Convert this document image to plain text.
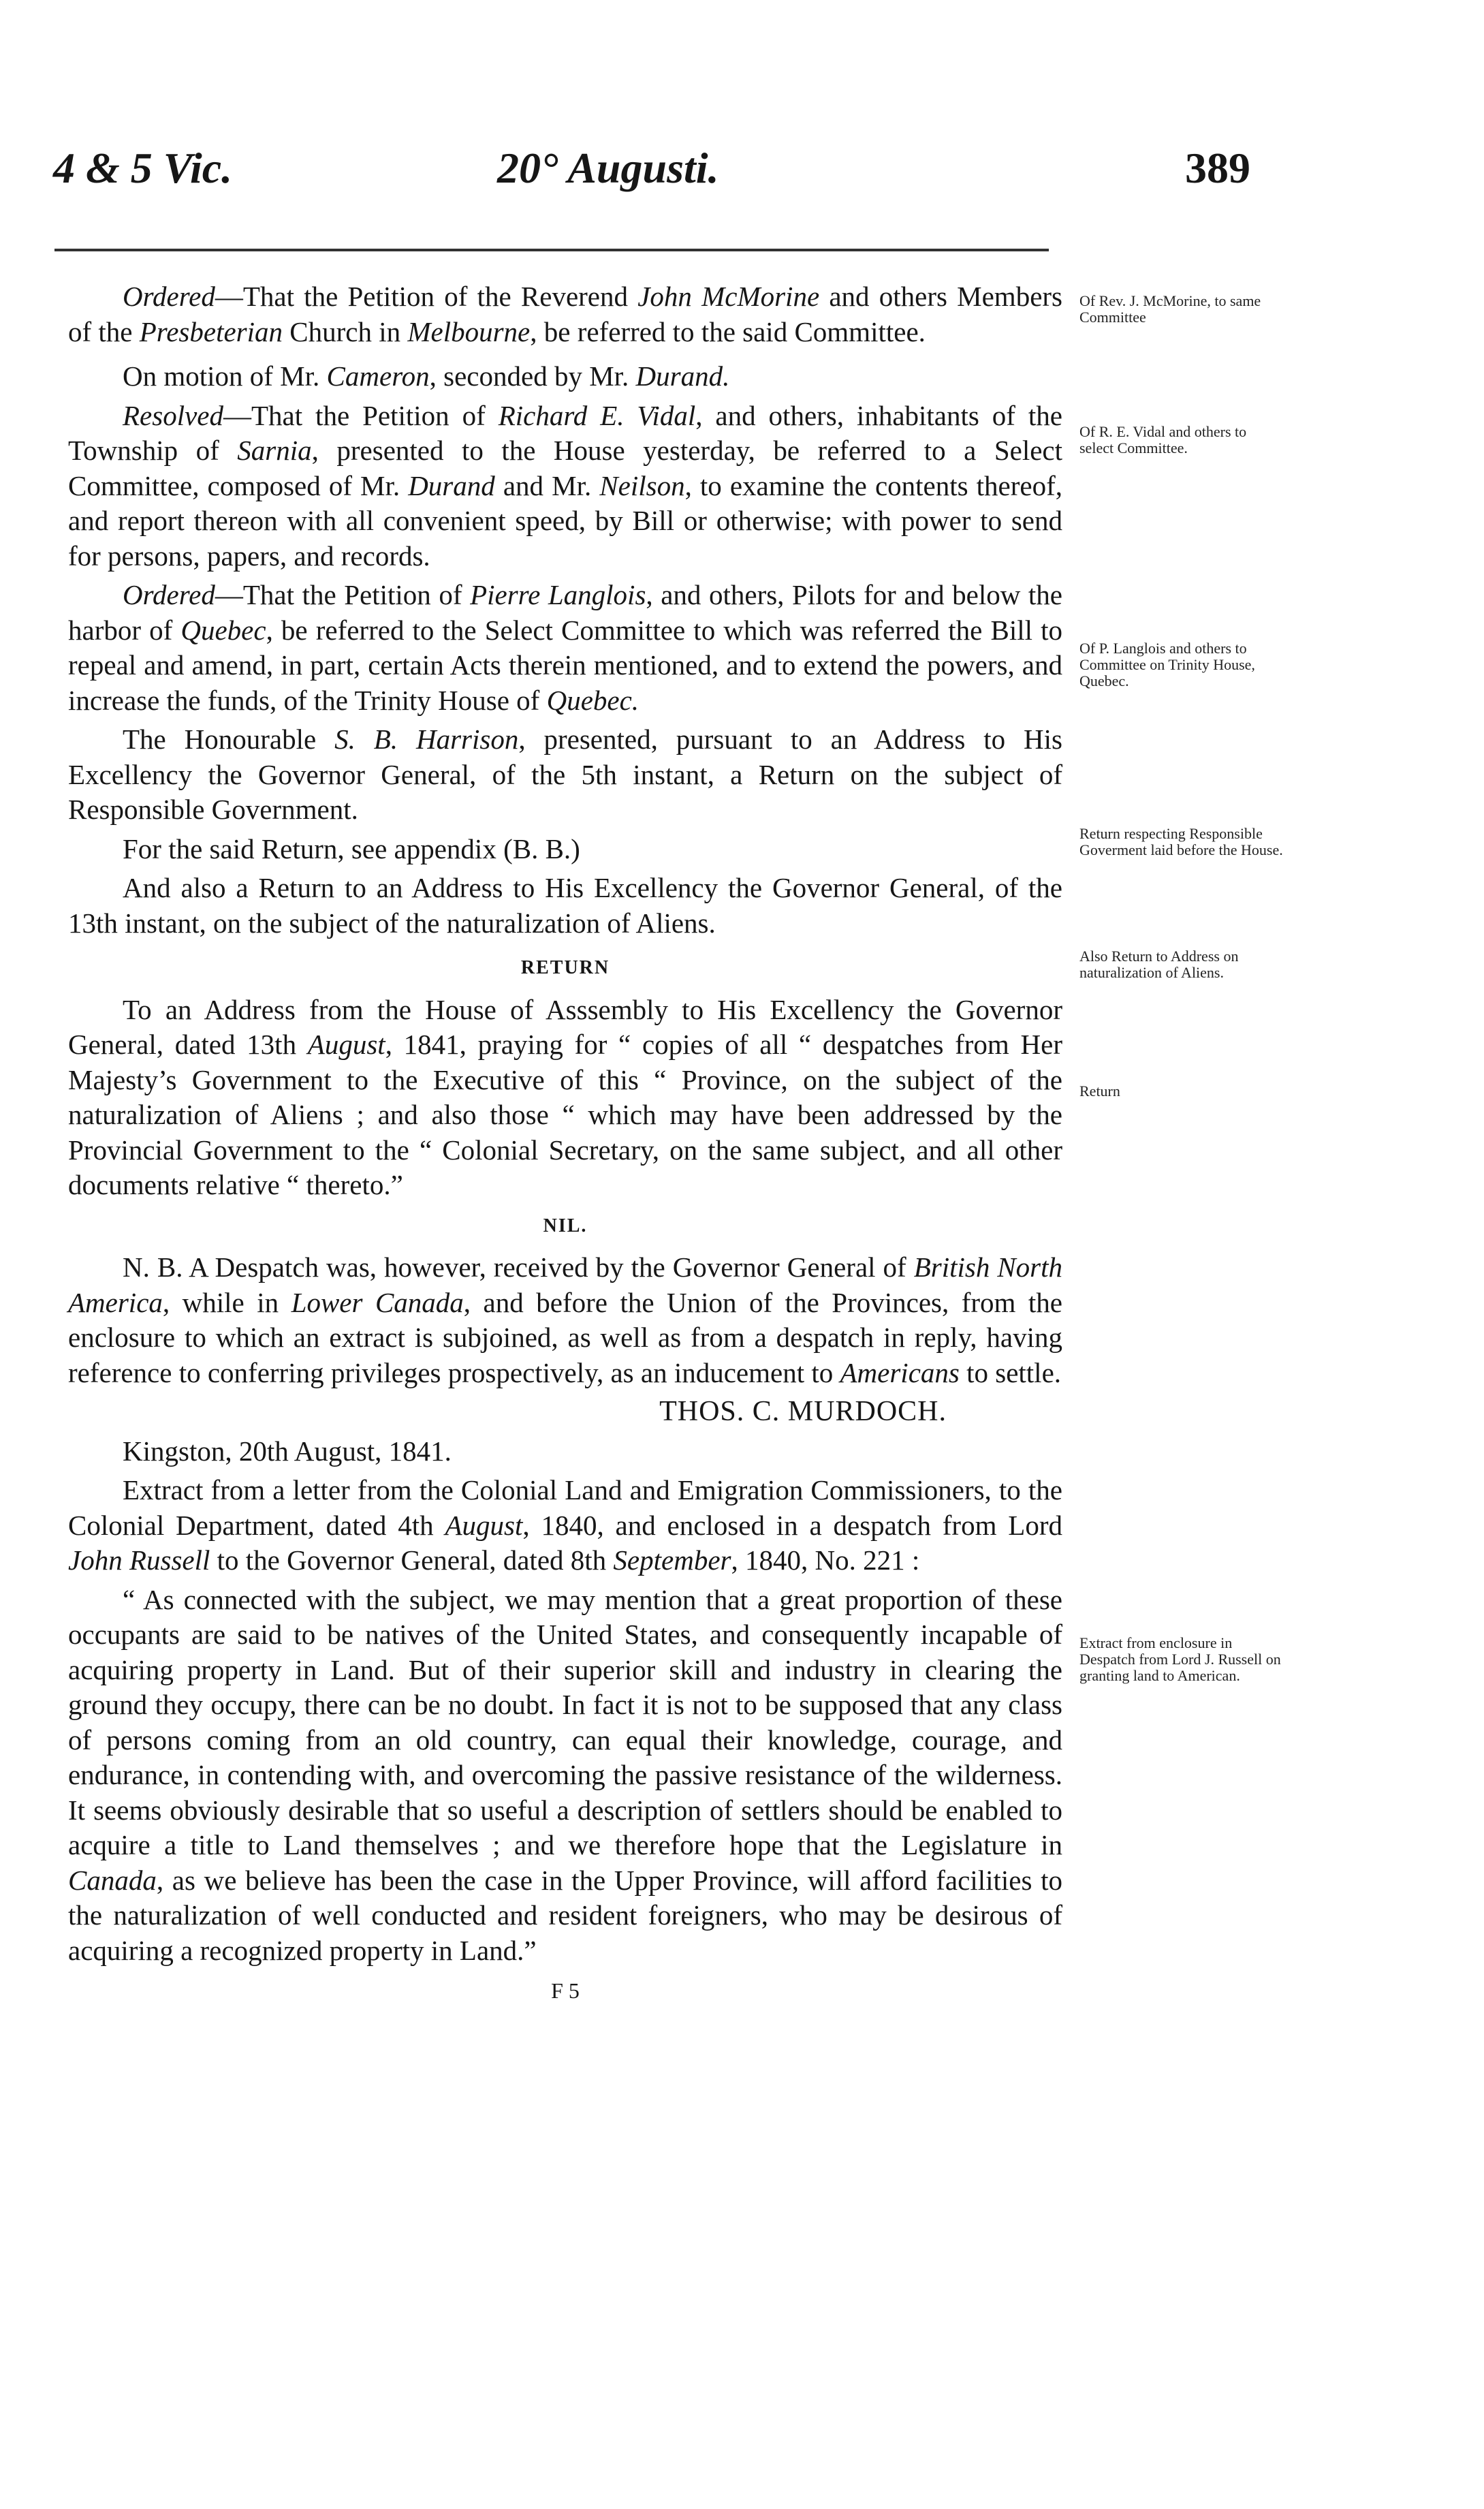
4 & 5 Vic.	20° Augusti.	389

Ordered—That the Petition of the Reverend John McMorine and others Members of the Presbeterian Church in Melbourne, be referred to the said Committee.

On motion of Mr. Cameron, seconded by Mr. Durand.

Resolved—That the Petition of Richard E. Vidal, and others, inhabitants of the Township of Sarnia, presented to the House yesterday, be referred to a Select Committee, composed of Mr. Durand and Mr. Neilson, to examine the contents thereof, and report thereon with all convenient speed, by Bill or otherwise; with power to send for persons, papers, and records.

Ordered—That the Petition of Pierre Langlois, and others, Pilots for and below the harbor of Quebec, be referred to the Select Committee to which was referred the Bill to repeal and amend, in part, certain Acts therein mentioned, and to extend the powers, and increase the funds, of the Trinity House of Quebec.

The Honourable S. B. Harrison, presented, pursuant to an Address to His Excellency the Governor General, of the 5th instant, a Return on the subject of Responsible Government.

For the said Return, see appendix (B. B.)

And also a Return to an Address to His Excellency the Governor General, of the 13th instant, on the subject of the naturalization of Aliens.

RETURN

To an Address from the House of Asssembly to His Excellency the Governor General, dated 13th August, 1841, praying for “ copies of all “ despatches from Her Majesty’s Government to the Executive of this “ Province, on the subject of the naturalization of Aliens ; and also those “ which may have been addressed by the Provincial Government to the “ Colonial Secretary, on the same subject, and all other documents relative “ thereto.”

NIL.

N. B. A Despatch was, however, received by the Governor General of British North America, while in Lower Canada, and before the Union of the Provinces, from the enclosure to which an extract is subjoined, as well as from a despatch in reply, having reference to conferring privileges prospectively, as an inducement to Americans to settle.

THOS. C. MURDOCH.

Kingston, 20th August, 1841.

Extract from a letter from the Colonial Land and Emigration Commissioners, to the Colonial Department, dated 4th August, 1840, and enclosed in a despatch from Lord John Russell to the Governor General, dated 8th September, 1840, No. 221 :

“ As connected with the subject, we may mention that a great proportion of these occupants are said to be natives of the United States, and consequently incapable of acquiring property in Land. But of their superior skill and industry in clearing the ground they occupy, there can be no doubt. In fact it is not to be supposed that any class of persons coming from an old country, can equal their knowledge, courage, and endurance, in contending with, and overcoming the passive resistance of the wilderness. It seems obviously desirable that so useful a description of settlers should be enabled to acquire a title to Land themselves ; and we therefore hope that the Legislature in Canada, as we believe has been the case in the Upper Province, will afford facilities to the naturalization of well conducted and resident foreigners, who may be desirous of acquiring a recognized property in Land.”

F 5

Of Rev. J. McMorine, to same Committee
Of R. E. Vidal and others to select Committee.
Of P. Langlois and others to Committee on Trinity House, Quebec.
Return respecting Responsible Goverment laid before the House.
Also Return to Address on naturalization of Aliens.
Return
Extract from enclosure in Despatch from Lord J. Russell on granting land to American.
